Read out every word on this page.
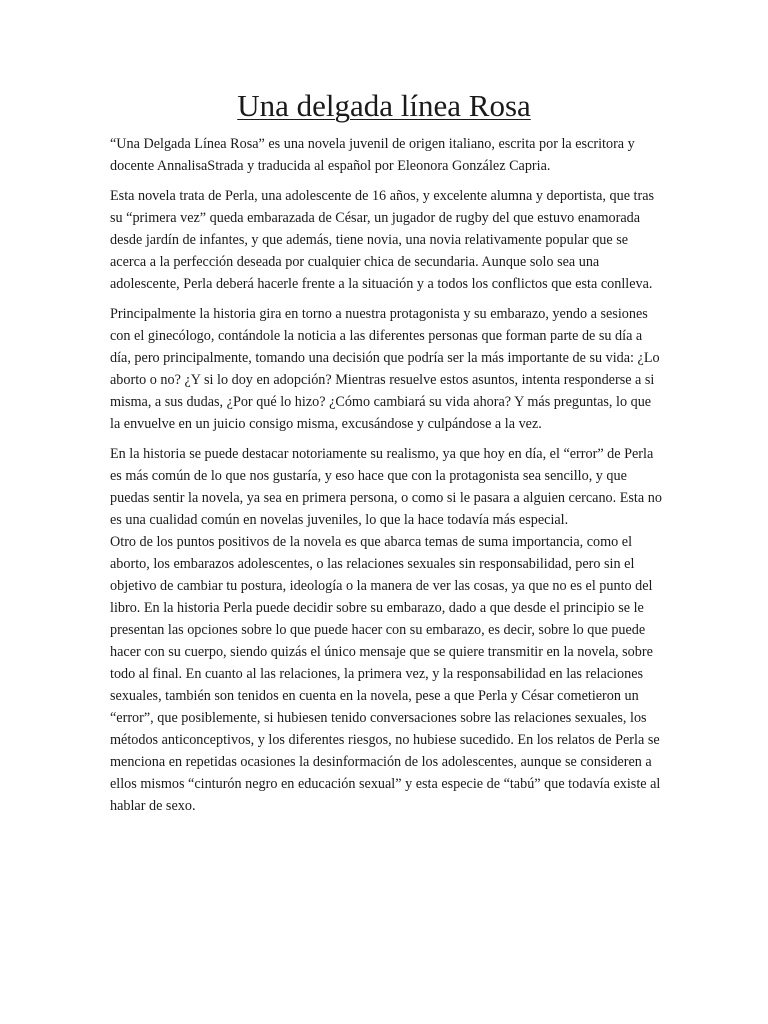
Una delgada línea Rosa

“Una Delgada Línea Rosa” es una novela juvenil de origen italiano, escrita por la escritora y docente AnnalisaStrada y traducida al español por Eleonora González Capria.

Esta novela trata de Perla, una adolescente de 16 años, y excelente alumna y deportista, que tras su “primera vez” queda embarazada de César, un jugador de rugby del que estuvo enamorada desde jardín de infantes, y que además, tiene novia, una novia relativamente popular que se acerca a la perfección deseada por cualquier chica de secundaria. Aunque solo sea una adolescente, Perla deberá hacerle frente a la situación y a todos los conflictos que esta conlleva.

Principalmente la historia gira en torno a nuestra protagonista y su embarazo, yendo a sesiones con el ginecólogo, contándole la noticia a las diferentes personas que forman parte de su día a día, pero principalmente, tomando una decisión que podría ser la más importante de su vida: ¿Lo aborto o no? ¿Y si lo doy en adopción? Mientras resuelve estos asuntos, intenta responderse a si misma, a sus dudas, ¿Por qué lo hizo? ¿Cómo cambiará su vida ahora? Y más preguntas, lo que la envuelve en un juicio consigo misma, excusándose y culpándose a la vez.

En la historia se puede destacar notoriamente su realismo, ya que hoy en día, el “error” de Perla es más común de lo que nos gustaría, y eso hace que con la protagonista sea sencillo, y que puedas sentir la novela, ya sea en primera persona, o como si le pasara a alguien cercano. Esta no es una cualidad común en novelas juveniles, lo que la hace todavía más especial.

Otro de los puntos positivos de la novela es que abarca temas de suma importancia, como el aborto, los embarazos adolescentes, o las relaciones sexuales sin responsabilidad, pero sin el objetivo de cambiar tu postura, ideología o la manera de ver las cosas, ya que no es el punto del libro. En la historia Perla puede decidir sobre su embarazo, dado a que desde el principio se le presentan las opciones sobre lo que puede hacer con su embarazo, es decir, sobre lo que puede hacer con su cuerpo, siendo quizás el único mensaje que se quiere transmitir en la novela, sobre todo al final. En cuanto al las relaciones, la primera vez, y la responsabilidad en las relaciones sexuales, también son tenidos en cuenta en la novela, pese a que Perla y César cometieron un “error”, que posiblemente, si hubiesen tenido conversaciones sobre las relaciones sexuales, los métodos anticonceptivos, y los diferentes riesgos, no hubiese sucedido. En los relatos de Perla se menciona en repetidas ocasiones la desinformación de los adolescentes, aunque se consideren a ellos mismos “cinturón negro en educación sexual” y esta especie de “tabú” que todavía existe al hablar de sexo.
